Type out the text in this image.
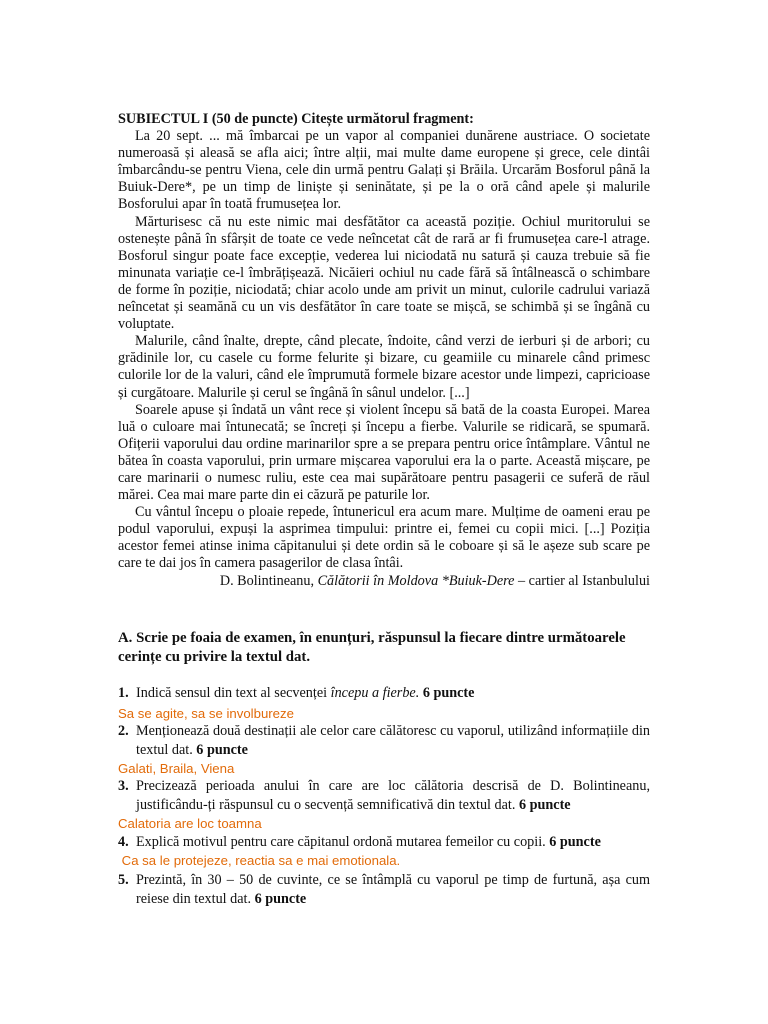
SUBIECTUL I (50 de puncte) Citește următorul fragment:

La 20 sept. ... mă îmbarcai pe un vapor al companiei dunărene austriace. O societate numeroasă și aleasă se afla aici; între alții, mai multe dame europene și grece, cele dintâi îmbarcându-se pentru Viena, cele din urmă pentru Galați și Brăila. Urcarăm Bosforul până la Buiuk-Dere*, pe un timp de liniște și seninătate, și pe la o oră când apele și malurile Bosforului apar în toată frumusețea lor.

Mărturisesc că nu este nimic mai desfătător ca această poziție. Ochiul muritorului se ostenește până în sfârșit de toate ce vede neîncetat cât de rară ar fi frumusețea care-l atrage. Bosforul singur poate face excepție, vederea lui niciodată nu satură și cauza trebuie să fie minunata variație ce-l îmbrățișează. Nicăieri ochiul nu cade fără să întâlnească o schimbare de forme în poziție, niciodată; chiar acolo unde am privit un minut, culorile cadrului variază neîncetat și seamănă cu un vis desfătător în care toate se mișcă, se schimbă și se îngână cu voluptate.

Malurile, când înalte, drepte, când plecate, îndoite, când verzi de ierburi și de arbori; cu grădinile lor, cu casele cu forme felurite și bizare, cu geamiile cu minarele când primesc culorile lor de la valuri, când ele împrumută formele bizare acestor unde limpezi, capricioase și curgătoare. Malurile și cerul se îngână în sânul undelor. [...]

Soarele apuse și îndată un vânt rece și violent începu să bată de la coasta Europei. Marea luă o culoare mai întunecată; se încreți și începu a fierbe. Valurile se ridicară, se spumară. Ofițerii vaporului dau ordine marinarilor spre a se prepara pentru orice întâmplare. Vântul ne bătea în coasta vaporului, prin urmare mișcarea vaporului era la o parte. Această mișcare, pe care marinarii o numesc ruliu, este cea mai supărătoare pentru pasagerii ce suferă de răul mărei. Cea mai mare parte din ei căzură pe paturile lor.

Cu vântul începu o ploaie repede, întunericul era acum mare. Mulțime de oameni erau pe podul vaporului, expuși la asprimea timpului: printre ei, femei cu copii mici. [...] Poziția acestor femei atinse inima căpitanului și dete ordin să le coboare și să le așeze sub scare pe care te dai jos în camera pasagerilor de clasa întâi.

D. Bolintineanu, Călătorii în Moldova *Buiuk-Dere – cartier al Istanbulului

A. Scrie pe foaia de examen, în enunțuri, răspunsul la fiecare dintre următoarele cerințe cu privire la textul dat.
1. Indică sensul din text al secvenței începu a fierbe. 6 puncte
Sa se agite, sa se involbureze
2. Menționează două destinații ale celor care călătoresc cu vaporul, utilizând informațiile din textul dat. 6 puncte
Galati, Braila, Viena
3. Precizează perioada anului în care are loc călătoria descrisă de D. Bolintineanu, justificându-ți răspunsul cu o secvență semnificativă din textul dat. 6 puncte
Calatoria are loc toamna
4. Explică motivul pentru care căpitanul ordonă mutarea femeilor cu copii. 6 puncte
Ca sa le protejeze, reactia sa e mai emotionala.
5. Prezintă, în 30 – 50 de cuvinte, ce se întâmplă cu vaporul pe timp de furtună, așa cum reiese din textul dat. 6 puncte
